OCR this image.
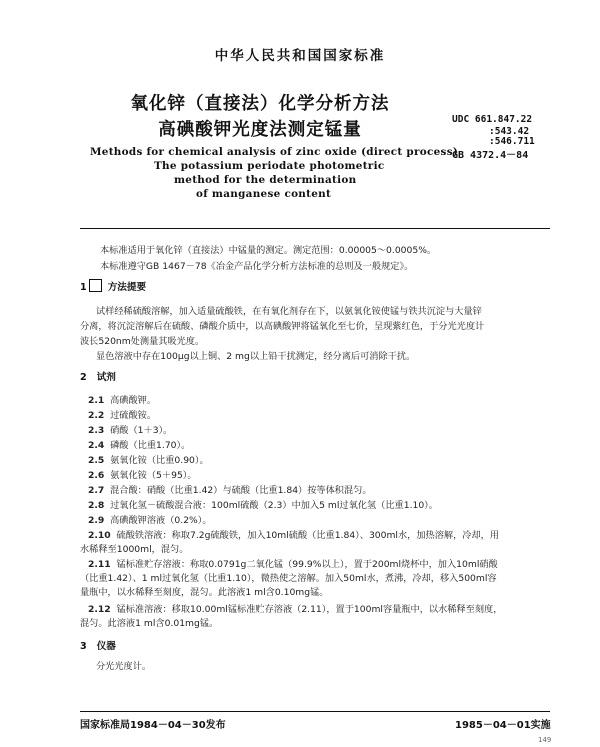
中华人民共和国国家标准
氧化锌（直接法）化学分析方法
高碘酸钾光度法测定锰量
UDC 661.847.22
:543.42
:546.711
GB 4372.4－84
Methods for chemical analysis of zinc oxide (direct process)
The potassium periodate photometric
method for the determination
of manganese content
本标准适用于氧化锌（直接法）中锰量的测定。测定范围：0.00005～0.0005%。
本标准遵守GB 1467－78《冶金产品化学分析方法标准的总则及一般规定》。
1 方法提要
试样经稀硫酸溶解，加入适量硫酸铁，在有氧化剂存在下，以氨氧化铵使锰与铁共沉淀与大量锌
分离，将沉淀溶解后在硫酸、磷酸介质中，以高碘酸钾将锰氧化至七价，呈现紫红色，于分光光度计
波长520nm处测量其吸光度。
显色溶液中存在100μg以上铜、2 mg以上铅干扰测定，经分离后可消除干扰。
2 试剂
2.1 高碘酸钾。
2.2 过硫酸铵。
2.3 硝酸（1＋3）。
2.4 磷酸（比重1.70）。
2.5 氨氧化铵（比重0.90）。
2.6 氨氧化铵（5＋95）。
2.7 混合酸：硝酸（比重1.42）与硫酸（比重1.84）按等体积混匀。
2.8 过氧化氢－硫酸混合液：100ml硫酸（2.3）中加入5 ml过氧化氢（比重1.10）。
2.9 高碘酸钾溶液（0.2%）。
2.10 硫酸铁溶液：称取7.2g硫酸铁，加入10ml硫酸（比重1.84）、300ml水，加热溶解，冷却，用
水稀释至1000ml，混匀。
2.11 锰标准贮存溶液：称取0.0791g二氧化锰（99.9%以上），置于200ml烧杯中，加入10ml硝酸
（比重1.42）、1 ml过氧化氢（比重1.10），微热使之溶解。加入50ml水，煮沸，冷却，移入500ml容
量瓶中，以水稀释至刻度，混匀。此溶液1 ml含0.10mg锰。
2.12 锰标准溶液：移取10.00ml锰标准贮存溶液（2.11），置于100ml容量瓶中，以水稀释至刻度，
混匀。此溶液1 ml含0.01mg锰。
3 仪器
分光光度计。
国家标准局1984－04－30发布	1985－04－01实施
149
